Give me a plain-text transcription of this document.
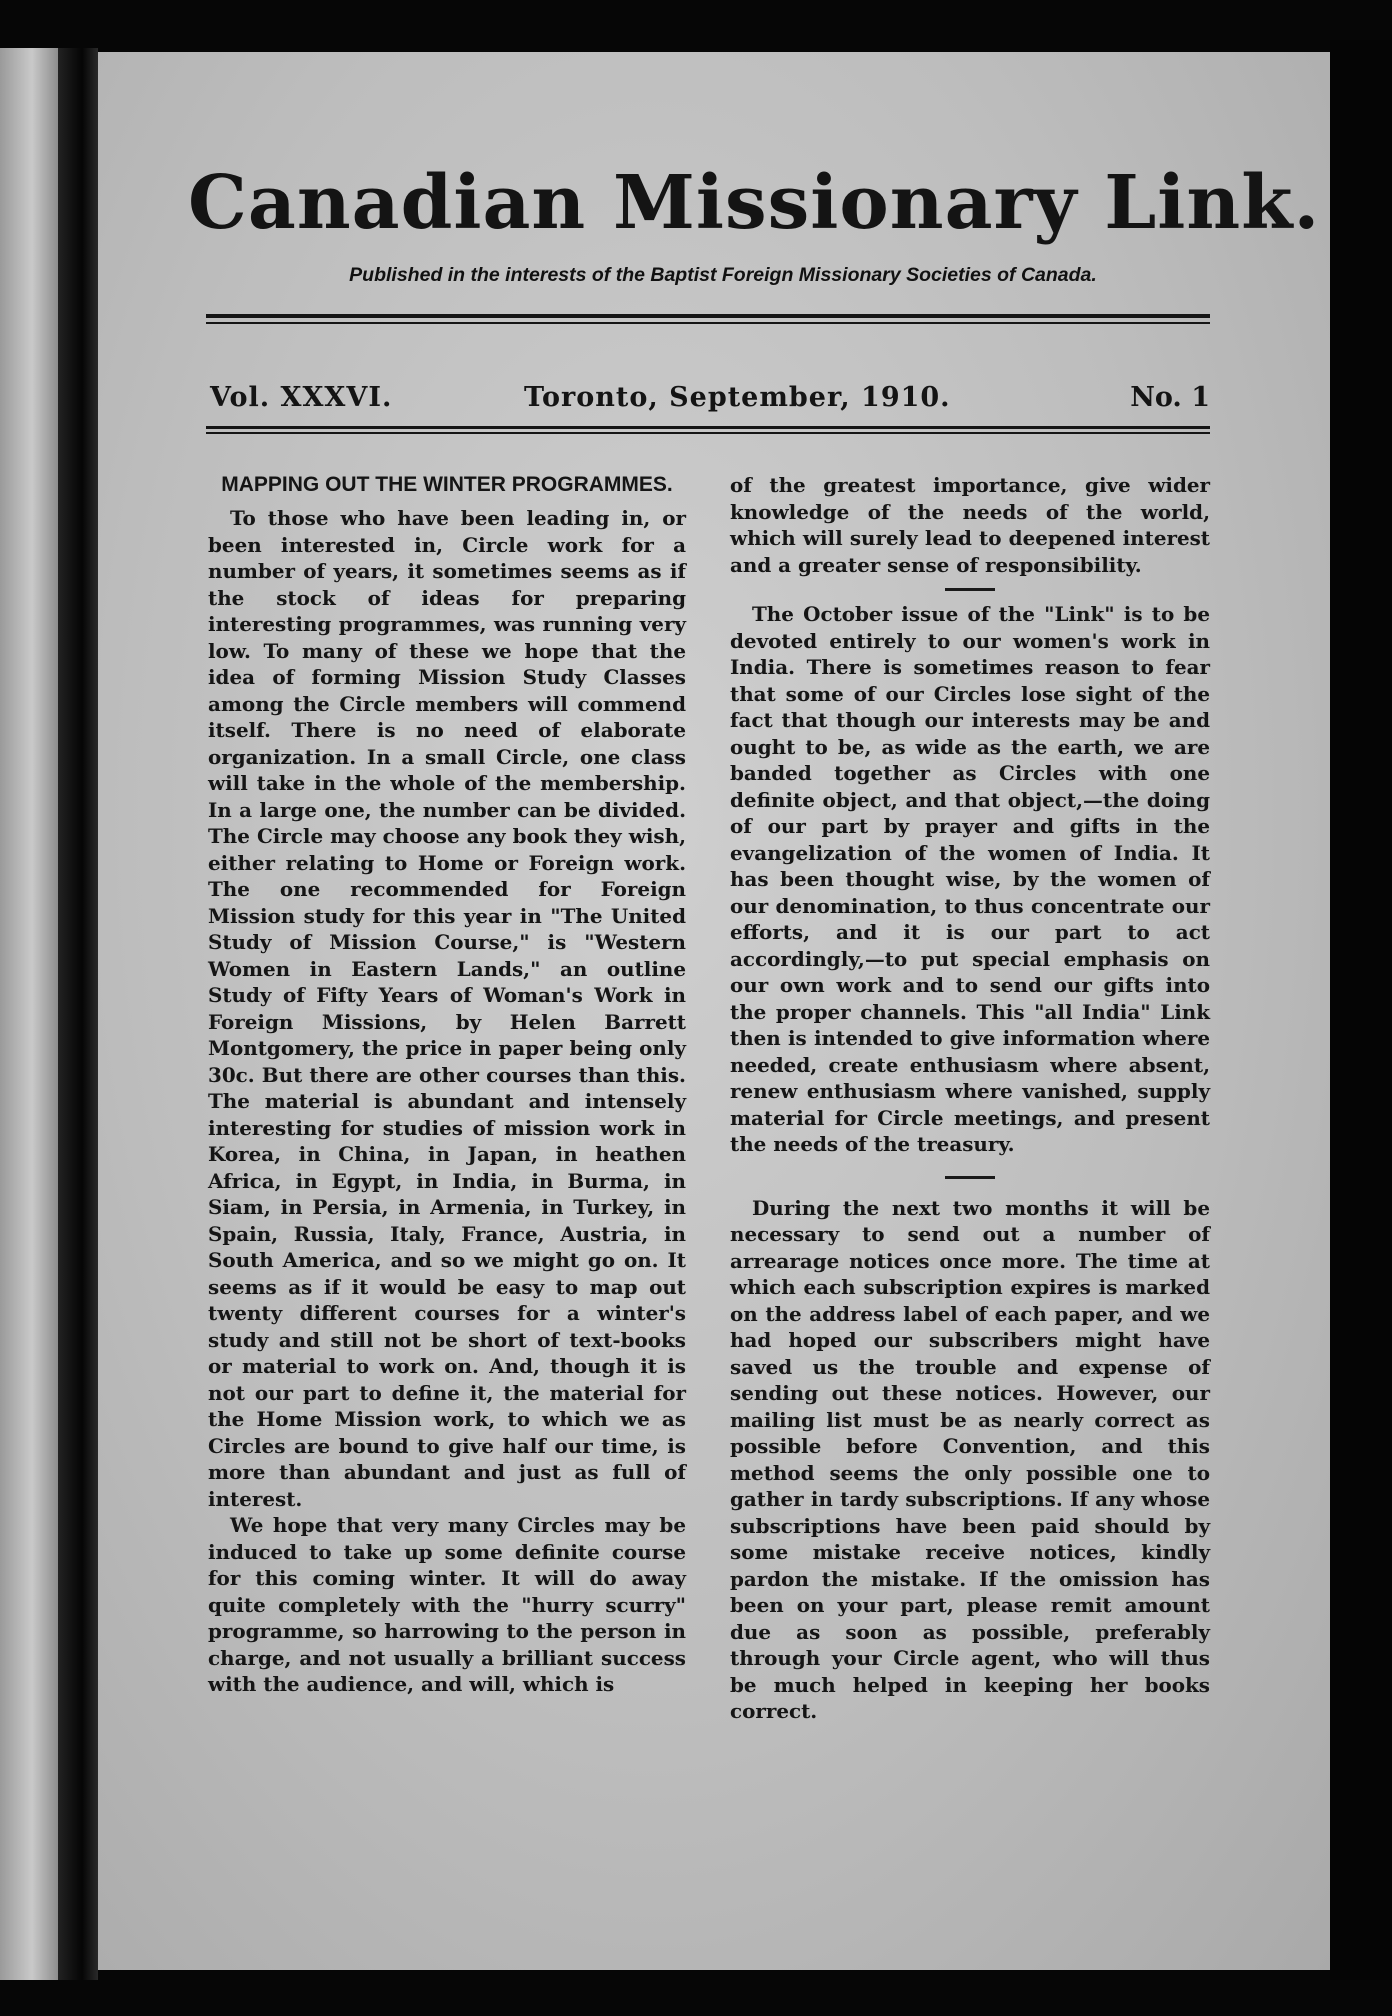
Canadian Missionary Link.
Published in the interests of the Baptist Foreign Missionary Societies of Canada.
Vol. XXXVI.	Toronto, September, 1910.	No. 1

MAPPING OUT THE WINTER PROGRAMMES.

To those who have been leading in, or been interested in, Circle work for a number of years, it sometimes seems as if the stock of ideas for preparing interesting programmes, was running very low. To many of these we hope that the idea of forming Mission Study Classes among the Circle members will commend itself. There is no need of elaborate organization. In a small Circle, one class will take in the whole of the membership. In a large one, the number can be divided. The Circle may choose any book they wish, either relating to Home or Foreign work. The one recommended for Foreign Mission study for this year in "The United Study of Mission Course," is "Western Women in Eastern Lands," an outline Study of Fifty Years of Woman's Work in Foreign Missions, by Helen Barrett Montgomery, the price in paper being only 30c. But there are other courses than this. The material is abundant and intensely interesting for studies of mission work in Korea, in China, in Japan, in heathen Africa, in Egypt, in India, in Burma, in Siam, in Persia, in Armenia, in Turkey, in Spain, Russia, Italy, France, Austria, in South America, and so we might go on. It seems as if it would be easy to map out twenty different courses for a winter's study and still not be short of text-books or material to work on. And, though it is not our part to define it, the material for the Home Mission work, to which we as Circles are bound to give half our time, is more than abundant and just as full of interest.

We hope that very many Circles may be induced to take up some definite course for this coming winter. It will do away quite completely with the "hurry scurry" programme, so harrowing to the person in charge, and not usually a brilliant success with the audience, and will, which is

of the greatest importance, give wider knowledge of the needs of the world, which will surely lead to deepened interest and a greater sense of responsibility.

The October issue of the "Link" is to be devoted entirely to our women's work in India. There is sometimes reason to fear that some of our Circles lose sight of the fact that though our interests may be and ought to be, as wide as the earth, we are banded together as Circles with one definite object, and that object,—the doing of our part by prayer and gifts in the evangelization of the women of India. It has been thought wise, by the women of our denomination, to thus concentrate our efforts, and it is our part to act accordingly,—to put special emphasis on our own work and to send our gifts into the proper channels. This "all India" Link then is intended to give information where needed, create enthusiasm where absent, renew enthusiasm where vanished, supply material for Circle meetings, and present the needs of the treasury.

During the next two months it will be necessary to send out a number of arrearage notices once more. The time at which each subscription expires is marked on the address label of each paper, and we had hoped our subscribers might have saved us the trouble and expense of sending out these notices. However, our mailing list must be as nearly correct as possible before Convention, and this method seems the only possible one to gather in tardy subscriptions. If any whose subscriptions have been paid should by some mistake receive notices, kindly pardon the mistake. If the omission has been on your part, please remit amount due as soon as possible, preferably through your Circle agent, who will thus be much helped in keeping her books correct.
